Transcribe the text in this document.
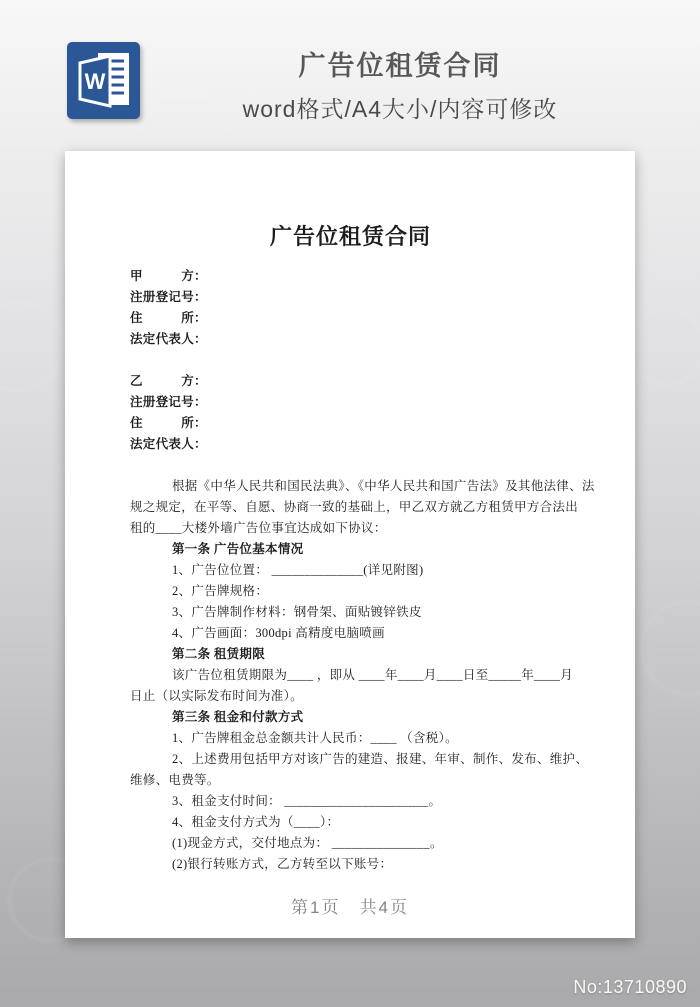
W
广告位租赁合同
word格式/A4大小/内容可修改
广告位租赁合同
甲　　　方：
注册登记号：
住　　　所：
法定代表人：
乙　　　方：
注册登记号：
住　　　所：
法定代表人：
根据《中华人民共和国民法典》、《中华人民共和国广告法》及其他法律、法
规之规定，在平等、自愿、协商一致的基础上，甲乙双方就乙方租赁甲方合法出
租的____大楼外墙广告位事宜达成如下协议：
第一条 广告位基本情况
1、广告位位置： ______________(详见附图)
2、广告牌规格：
3、广告牌制作材料：钢骨架、面贴镀锌铁皮
4、广告画面：300dpi 高精度电脑喷画
第二条 租赁期限
该广告位租赁期限为____ ，即从 ____年____月____日至_____年____月
日止（以实际发布时间为准）。
第三条 租金和付款方式
1、广告牌租金总金额共计人民币：____ （含税）。
2、上述费用包括甲方对该广告的建造、报建、年审、制作、发布、维护、
维修、电费等。
3、租金支付时间： ______________________。
4、租金支付方式为（____）：
(1)现金方式，交付地点为： _______________。
(2)银行转账方式，乙方转至以下账号：
第1页　共4页
No:13710890
